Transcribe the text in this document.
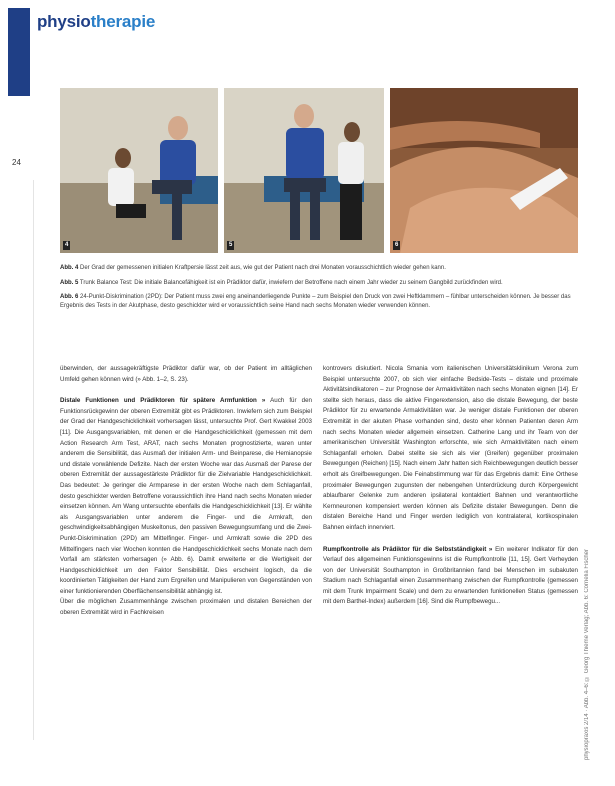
physiotherapie
24
4	5	6

Abb. 4 Der Grad der gemessenen initialen Kraftpersie lässt zeit aus, wie gut der Patient nach drei Monaten vorausschichtlich wieder gehen kann.

Abb. 5 Trunk Balance Test: Die initiale Balancefähigkeit ist ein Prädiktor dafür, inwiefern der Betroffene nach einem Jahr wieder zu seinem Gangbild zurückfinden wird.

Abb. 6 24-Punkt-Diskrimination (2PD): Der Patient muss zwei eng aneinanderliegende Punkte – zum Beispiel den Druck von zwei Heftklammern – fühlbar unterscheiden können. Je besser das Ergebnis des Tests in der Akutphase, desto geschickter wird er voraussichtlich seine Hand nach sechs Monaten wieder verwenden können.

überwinden, der aussagekräftigste Prädiktor dafür war, ob der Patient im alltäglichen Umfeld gehen können wird (» Abb. 1–2, S. 23).

Distale Funktionen und Prädiktoren für spätere Armfunktion » Auch für den Funktionsrückgewinn der oberen Extremität gibt es Prädiktoren. Inwiefern sich zum Beispiel der Grad der Handgeschicklichkeit vorhersagen lässt, untersuchte Prof. Gert Kwakkel 2003 [11]. Die Ausgangsvariablen, mit denen er die Handgeschicklichkeit (gemessen mit dem Action Research Arm Test, ARAT, nach sechs Monaten prognostizierte, waren unter anderem die Sensibilität, das Ausmaß der initialen Arm- und Beinparese, die Hemianopsie und distale vorwählende Defizite. Nach der ersten Woche war das Ausmaß der Parese der oberen Extremität der aussagestärkste Prädiktor für die Zielvariable Handgeschicklichkeit. Das bedeutet: Je geringer die Armparese in der ersten Woche nach dem Schlaganfall, desto geschickter werden Betroffene voraussichtlich ihre Hand nach sechs Monaten wieder einsetzen können. Am Wang untersuchte ebenfalls die Handgeschicklichkeit [13]. Er wählte als Ausgangsvariablen unter anderem die Finger- und die Armkraft, den geschwindigkeitsabhängigen Muskeltonus, den passiven Bewegungsumfang und die Zwei-Punkt-Diskrimination (2PD) am Mittelfinger. Finger- und Armkraft sowie die 2PD des Mittelfingers nach vier Wochen konnten die Handgeschicklichkeit sechs Monate nach dem Vorfall am stärksten vorhersagen (» Abb. 6). Damit erweiterte er die Wertigkeit der Handgeschicklichkeit um den Faktor Sensibilität. Dies erscheint logisch, da die koordinierten Tätigkeiten der Hand zum Ergreifen und Manipulieren von Gegenständen von einer funktionierenden Oberflächensensibilität abhängig ist.

Über die möglichen Zusammenhänge zwischen proximalen und distalen Bereichen der oberen Extremität wird in Fachkreisen

kontrovers diskutiert. Nicola Smania vom italienischen Universitätsklinikum Verona zum Beispiel untersuchte 2007, ob sich vier einfache Bedside-Tests – distale und proximale Aktivitätsindikatoren – zur Prognose der Armaktivitäten nach sechs Monaten eignen [14]. Er stellte sich heraus, dass die aktive Fingerextension, also die distale Bewegung, der beste Prädiktor für zu erwartende Armaktivitäten war. Je weniger distale Funktionen der oberen Extremität in der akuten Phase vorhanden sind, desto eher können Patienten deren Arm nach sechs Monaten wieder allgemein einsetzen. Catherine Lang und ihr Team von der amerikanischen Universität Washington erforschte, wie sich Armaktivitäten nach einem Schlaganfall erholen. Dabei stellte sie sich als vier (Greifen) gegenüber proximalen Bewegungen (Reichen) [15]. Nach einem Jahr hatten sich Reichbewegungen deutlich besser erholt als Greifbewegungen. Die Feinabstimmung war für das Ergebnis damit: Eine Orthese proximaler Bewegungen zugunsten der nebengehen Unterdrückung durch Körpergewicht ablaufbarer Gelenke zum anderen ipsilateral kontaktiert Bahnen und verantwortliche Kernneuronen kompensiert werden können als Defizite distaler Bewegungen. Denn die distalen Bereiche Hand und Finger werden lediglich von kontralateral, kortikospinalen Bahnen einfach innerviert.

Rumpfkontrolle als Prädiktor für die Selbstständigkeit » Ein weiterer Indikator für den Verlauf des allgemeinen Funktionsgewinns ist die Rumpfkontrolle [11, 15]. Gert Verheyden von der Universität Southampton in Großbritannien fand bei Menschen im subakuten Stadium nach Schlaganfall einen Zusammenhang zwischen der Rumpfkontrolle (gemessen mit dem Trunk Impairment Scale) und dem zu erwartenden funktionellen Status (gemessen mit dem Barthel-Index) außerdem [16]. Sind die Rumpfbewegu...	physiopraxis 2/14 · Abb. 4–6: © Georg Thieme Verlag; Abb. 6: Cornelia Fischer
